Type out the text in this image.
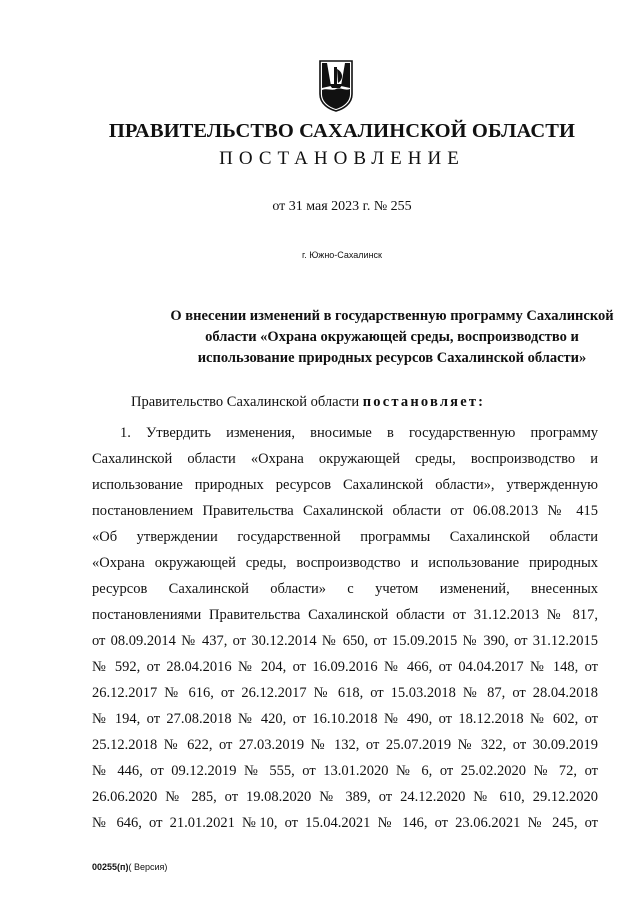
ПРАВИТЕЛЬСТВО САХАЛИНСКОЙ ОБЛАСТИ
ПОСТАНОВЛЕНИЕ
от 31 мая 2023 г. № 255
г. Южно-Сахалинск
О внесении изменений в государственную программу Сахалинской
области «Охрана окружающей среды, воспроизводство и
использование природных ресурсов Сахалинской области»
Правительство Сахалинской области постановляет:
1. Утвердить изменения, вносимые в государственную программу
Сахалинской области «Охрана окружающей среды, воспроизводство и
использование природных ресурсов Сахалинской области», утвержденную
постановлением Правительства Сахалинской области от 06.08.2013 № 415
«Об утверждении государственной программы Сахалинской области
«Охрана окружающей среды, воспроизводство и использование природных
ресурсов Сахалинской области» с учетом изменений, внесенных
постановлениями Правительства Сахалинской области от 31.12.2013 № 817,
от 08.09.2014 № 437, от 30.12.2014 № 650, от 15.09.2015 № 390, от 31.12.2015
№ 592, от 28.04.2016 № 204, от 16.09.2016 № 466, от 04.04.2017 № 148, от
26.12.2017 № 616, от 26.12.2017 № 618, от 15.03.2018 № 87, от 28.04.2018
№ 194, от 27.08.2018 № 420, от 16.10.2018 № 490, от 18.12.2018 № 602, от
25.12.2018 № 622, от 27.03.2019 № 132, от 25.07.2019 № 322, от 30.09.2019
№ 446, от 09.12.2019 № 555, от 13.01.2020 № 6, от 25.02.2020 № 72, от
26.06.2020 № 285, от 19.08.2020 № 389, от 24.12.2020 № 610, 29.12.2020
№ 646, от 21.01.2021 №10, от 15.04.2021 № 146, от 23.06.2021 № 245, от
00255(п)( Версия)
